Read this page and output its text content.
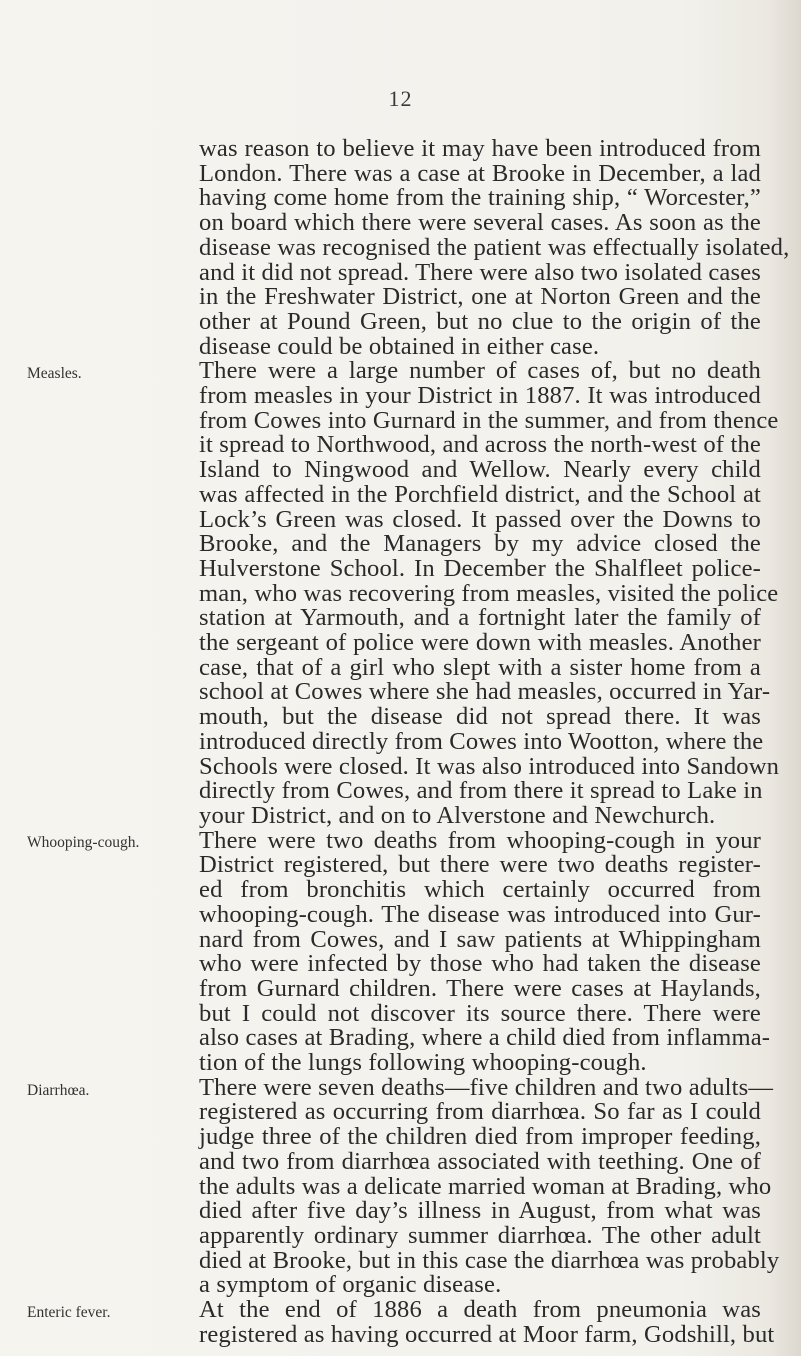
12
Measles.
Whooping-cough.
Diarrhœa.
Enteric fever.
was reason to believe it may have been introduced from
London. There was a case at Brooke in December, a lad
having come home from the training ship, “ Worcester,”
on board which there were several cases. As soon as the
disease was recognised the patient was effectually isolated,
and it did not spread. There were also two isolated cases
in the Freshwater District, one at Norton Green and the
other at Pound Green, but no clue to the origin of the
disease could be obtained in either case.
There were a large number of cases of, but no death
from measles in your District in 1887. It was introduced
from Cowes into Gurnard in the summer, and from thence
it spread to Northwood, and across the north-west of the
Island to Ningwood and Wellow. Nearly every child
was affected in the Porchfield district, and the School at
Lock’s Green was closed. It passed over the Downs to
Brooke, and the Managers by my advice closed the
Hulverstone School. In December the Shalfleet police-
man, who was recovering from measles, visited the police
station at Yarmouth, and a fortnight later the family of
the sergeant of police were down with measles. Another
case, that of a girl who slept with a sister home from a
school at Cowes where she had measles, occurred in Yar-
mouth, but the disease did not spread there. It was
introduced directly from Cowes into Wootton, where the
Schools were closed. It was also introduced into Sandown
directly from Cowes, and from there it spread to Lake in
your District, and on to Alverstone and Newchurch.
There were two deaths from whooping-cough in your
District registered, but there were two deaths register-
ed from bronchitis which certainly occurred from
whooping-cough. The disease was introduced into Gur-
nard from Cowes, and I saw patients at Whippingham
who were infected by those who had taken the disease
from Gurnard children. There were cases at Haylands,
but I could not discover its source there. There were
also cases at Brading, where a child died from inflamma-
tion of the lungs following whooping-cough.
There were seven deaths—five children and two adults—
registered as occurring from diarrhœa. So far as I could
judge three of the children died from improper feeding,
and two from diarrhœa associated with teething. One of
the adults was a delicate married woman at Brading, who
died after five day’s illness in August, from what was
apparently ordinary summer diarrhœa. The other adult
died at Brooke, but in this case the diarrhœa was probably
a symptom of organic disease.
At the end of 1886 a death from pneumonia was
registered as having occurred at Moor farm, Godshill, but
